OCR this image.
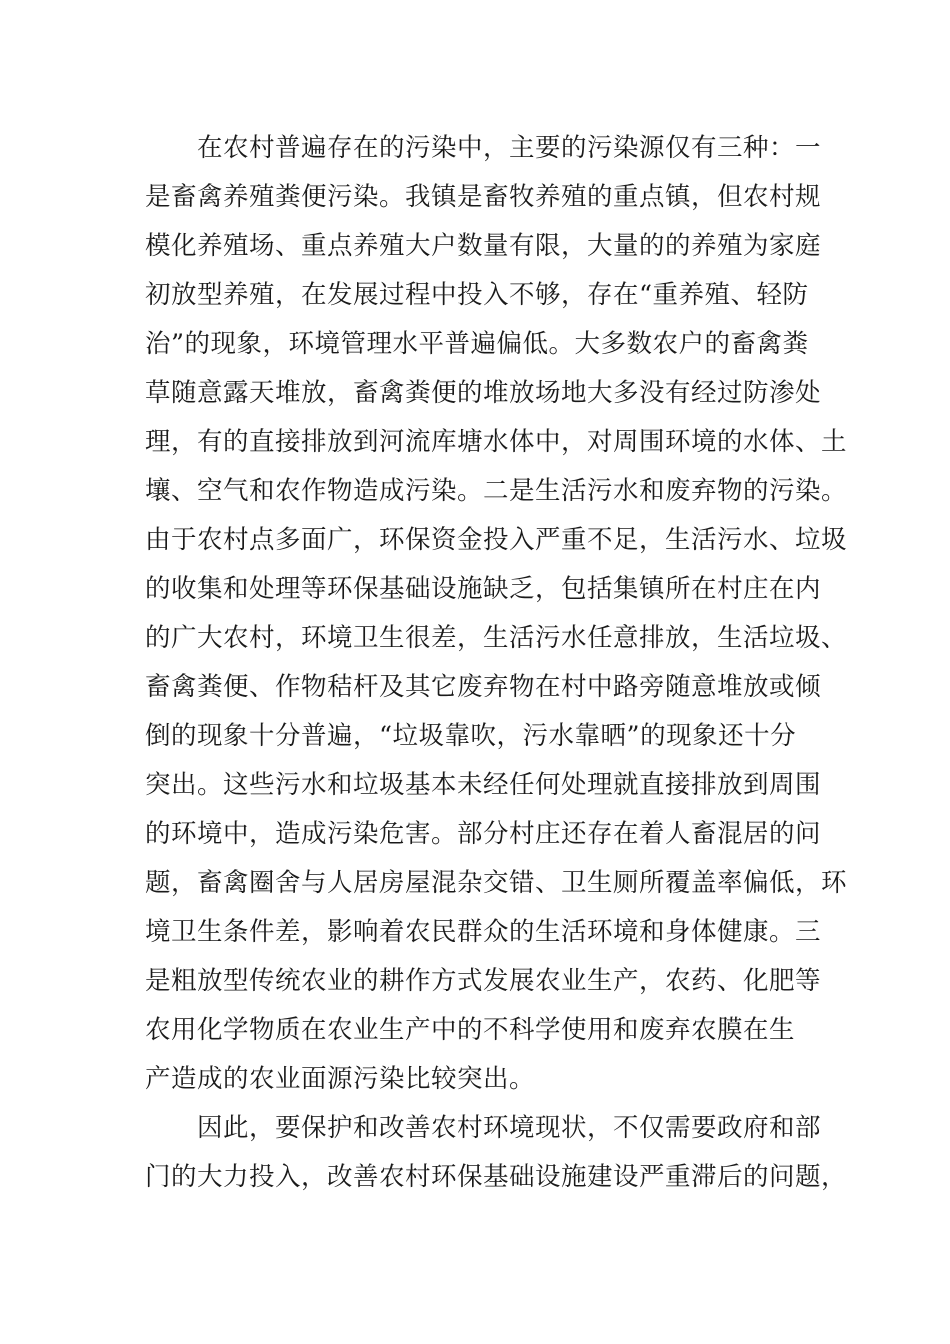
在农村普遍存在的污染中，主要的污染源仅有三种：一
是畜禽养殖粪便污染。我镇是畜牧养殖的重点镇，但农村规
模化养殖场、重点养殖大户数量有限，大量的的养殖为家庭
初放型养殖，在发展过程中投入不够，存在“重养殖、轻防
治”的现象，环境管理水平普遍偏低。大多数农户的畜禽粪
草随意露天堆放，畜禽粪便的堆放场地大多没有经过防渗处
理，有的直接排放到河流库塘水体中，对周围环境的水体、土
壤、空气和农作物造成污染。二是生活污水和废弃物的污染。
由于农村点多面广，环保资金投入严重不足，生活污水、垃圾
的收集和处理等环保基础设施缺乏，包括集镇所在村庄在内
的广大农村，环境卫生很差，生活污水任意排放，生活垃圾、
畜禽粪便、作物秸杆及其它废弃物在村中路旁随意堆放或倾
倒的现象十分普遍，“垃圾靠吹，污水靠晒”的现象还十分
突出。这些污水和垃圾基本未经任何处理就直接排放到周围
的环境中，造成污染危害。部分村庄还存在着人畜混居的问
题，畜禽圈舍与人居房屋混杂交错、卫生厕所覆盖率偏低，环
境卫生条件差，影响着农民群众的生活环境和身体健康。三
是粗放型传统农业的耕作方式发展农业生产，农药、化肥等
农用化学物质在农业生产中的不科学使用和废弃农膜在生
产造成的农业面源污染比较突出。
因此，要保护和改善农村环境现状，不仅需要政府和部
门的大力投入，改善农村环保基础设施建设严重滞后的问题，
